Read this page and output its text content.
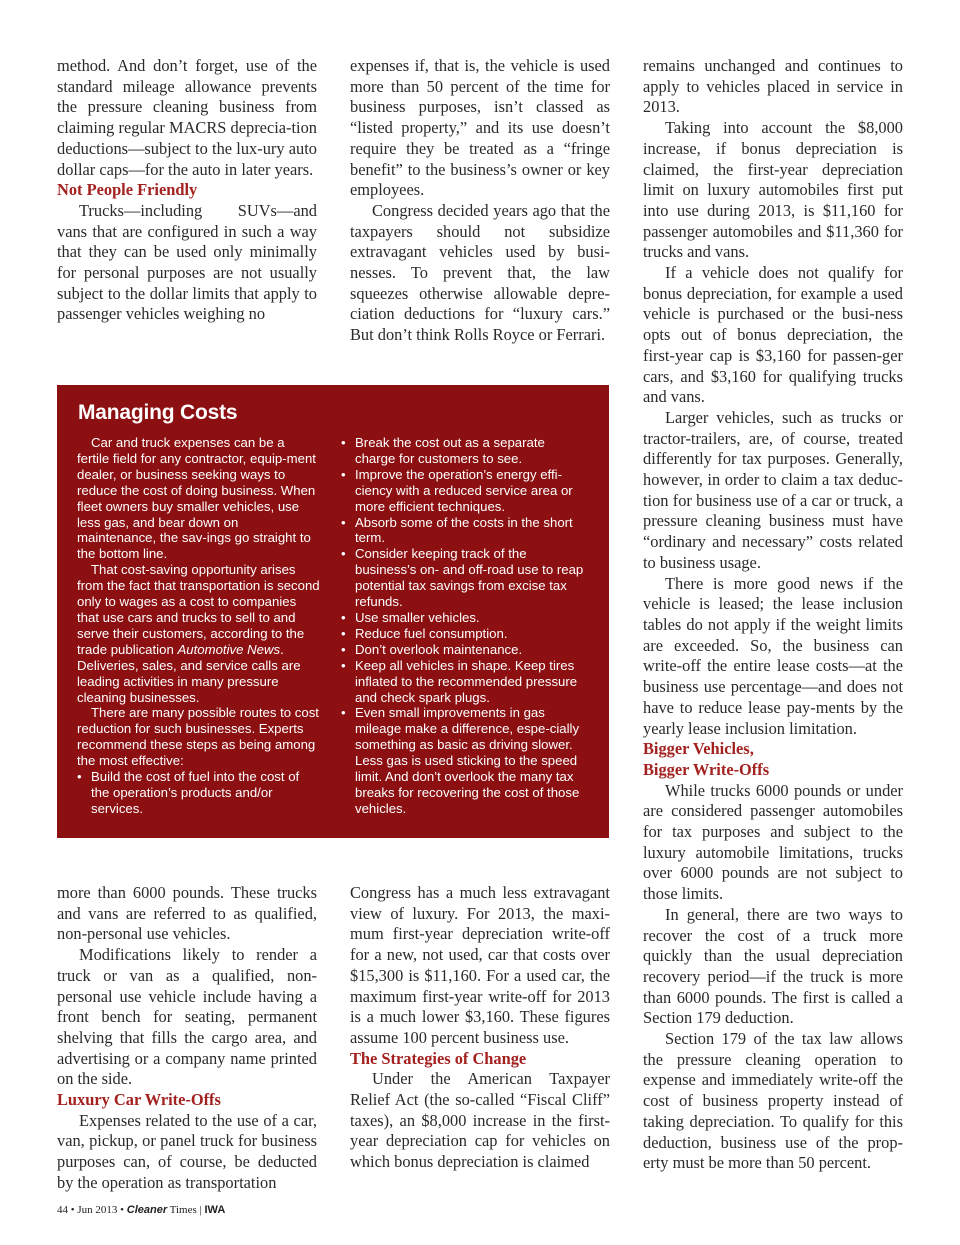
method. And don’t forget, use of the standard mileage allowance prevents the pressure cleaning business from claiming regular MACRS deprecia-tion deductions—subject to the lux-ury auto dollar caps—for the auto in later years.

Not People Friendly

Trucks—including SUVs—and vans that are configured in such a way that they can be used only minimally for personal purposes are not usually subject to the dollar limits that apply to passenger vehicles weighing no

expenses if, that is, the vehicle is used more than 50 percent of the time for business purposes, isn’t classed as “listed property,” and its use doesn’t require they be treated as a “fringe benefit” to the business’s owner or key employees.

Congress decided years ago that the taxpayers should not subsidize extravagant vehicles used by busi-nesses. To prevent that, the law squeezes otherwise allowable depre-ciation deductions for “luxury cars.” But don’t think Rolls Royce or Ferrari.

remains unchanged and continues to apply to vehicles placed in service in 2013.

Taking into account the $8,000 increase, if bonus depreciation is claimed, the first-year depreciation limit on luxury automobiles first put into use during 2013, is $11,160 for passenger automobiles and $11,360 for trucks and vans.

If a vehicle does not qualify for bonus depreciation, for example a used vehicle is purchased or the busi-ness opts out of bonus depreciation, the first-year cap is $3,160 for passen-ger cars, and $3,160 for qualifying trucks and vans.

Larger vehicles, such as trucks or tractor-trailers, are, of course, treated differently for tax purposes. Generally, however, in order to claim a tax deduc-tion for business use of a car or truck, a pressure cleaning business must have “ordinary and necessary” costs related to business usage.

There is more good news if the vehicle is leased; the lease inclusion tables do not apply if the weight limits are exceeded. So, the business can write-off the entire lease costs—at the business use percentage—and does not have to reduce lease pay-ments by the yearly lease inclusion limitation.

Bigger Vehicles,
Bigger Write-Offs

While trucks 6000 pounds or under are considered passenger automobiles for tax purposes and subject to the luxury automobile limitations, trucks over 6000 pounds are not subject to those limits.

In general, there are two ways to recover the cost of a truck more quickly than the usual depreciation recovery period—if the truck is more than 6000 pounds. The first is called a Section 179 deduction.

Section 179 of the tax law allows the pressure cleaning operation to expense and immediately write-off the cost of business property instead of taking depreciation. To qualify for this deduction, business use of the prop-erty must be more than 50 percent.

Managing Costs

Car and truck expenses can be a fertile field for any contractor, equip-ment dealer, or business seeking ways to reduce the cost of doing business. When fleet owners buy smaller vehicles, use less gas, and bear down on maintenance, the sav-ings go straight to the bottom line.

That cost-saving opportunity arises from the fact that transportation is second only to wages as a cost to companies that use cars and trucks to sell to and serve their customers, according to the trade publication Automotive News. Deliveries, sales, and service calls are leading activities in many pressure cleaning businesses.

There are many possible routes to cost reduction for such businesses. Experts recommend these steps as being among the most effective:

• Build the cost of fuel into the cost of the operation’s products and/or services.
• Break the cost out as a separate charge for customers to see.
• Improve the operation’s energy effi-ciency with a reduced service area or more efficient techniques.
• Absorb some of the costs in the short term.
• Consider keeping track of the business’s on- and off-road use to reap potential tax savings from excise tax refunds.
• Use smaller vehicles.
• Reduce fuel consumption.
• Don’t overlook maintenance.
• Keep all vehicles in shape. Keep tires inflated to the recommended pressure and check spark plugs.
• Even small improvements in gas mileage make a difference, espe-cially something as basic as driving slower. Less gas is used sticking to the speed limit. And don’t overlook the many tax breaks for recovering the cost of those vehicles.

more than 6000 pounds. These trucks and vans are referred to as qualified, non-personal use vehicles.

Modifications likely to render a truck or van as a qualified, non-personal use vehicle include having a front bench for seating, permanent shelving that fills the cargo area, and advertising or a company name printed on the side.

Luxury Car Write-Offs

Expenses related to the use of a car, van, pickup, or panel truck for business purposes can, of course, be deducted by the operation as transportation

Congress has a much less extravagant view of luxury. For 2013, the maxi-mum first-year depreciation write-off for a new, not used, car that costs over $15,300 is $11,160. For a used car, the maximum first-year write-off for 2013 is a much lower $3,160. These figures assume 100 percent business use.

The Strategies of Change

Under the American Taxpayer Relief Act (the so-called “Fiscal Cliff” taxes), an $8,000 increase in the first-year depreciation cap for vehicles on which bonus depreciation is claimed

44 • Jun 2013 • Cleaner Times | IWA
